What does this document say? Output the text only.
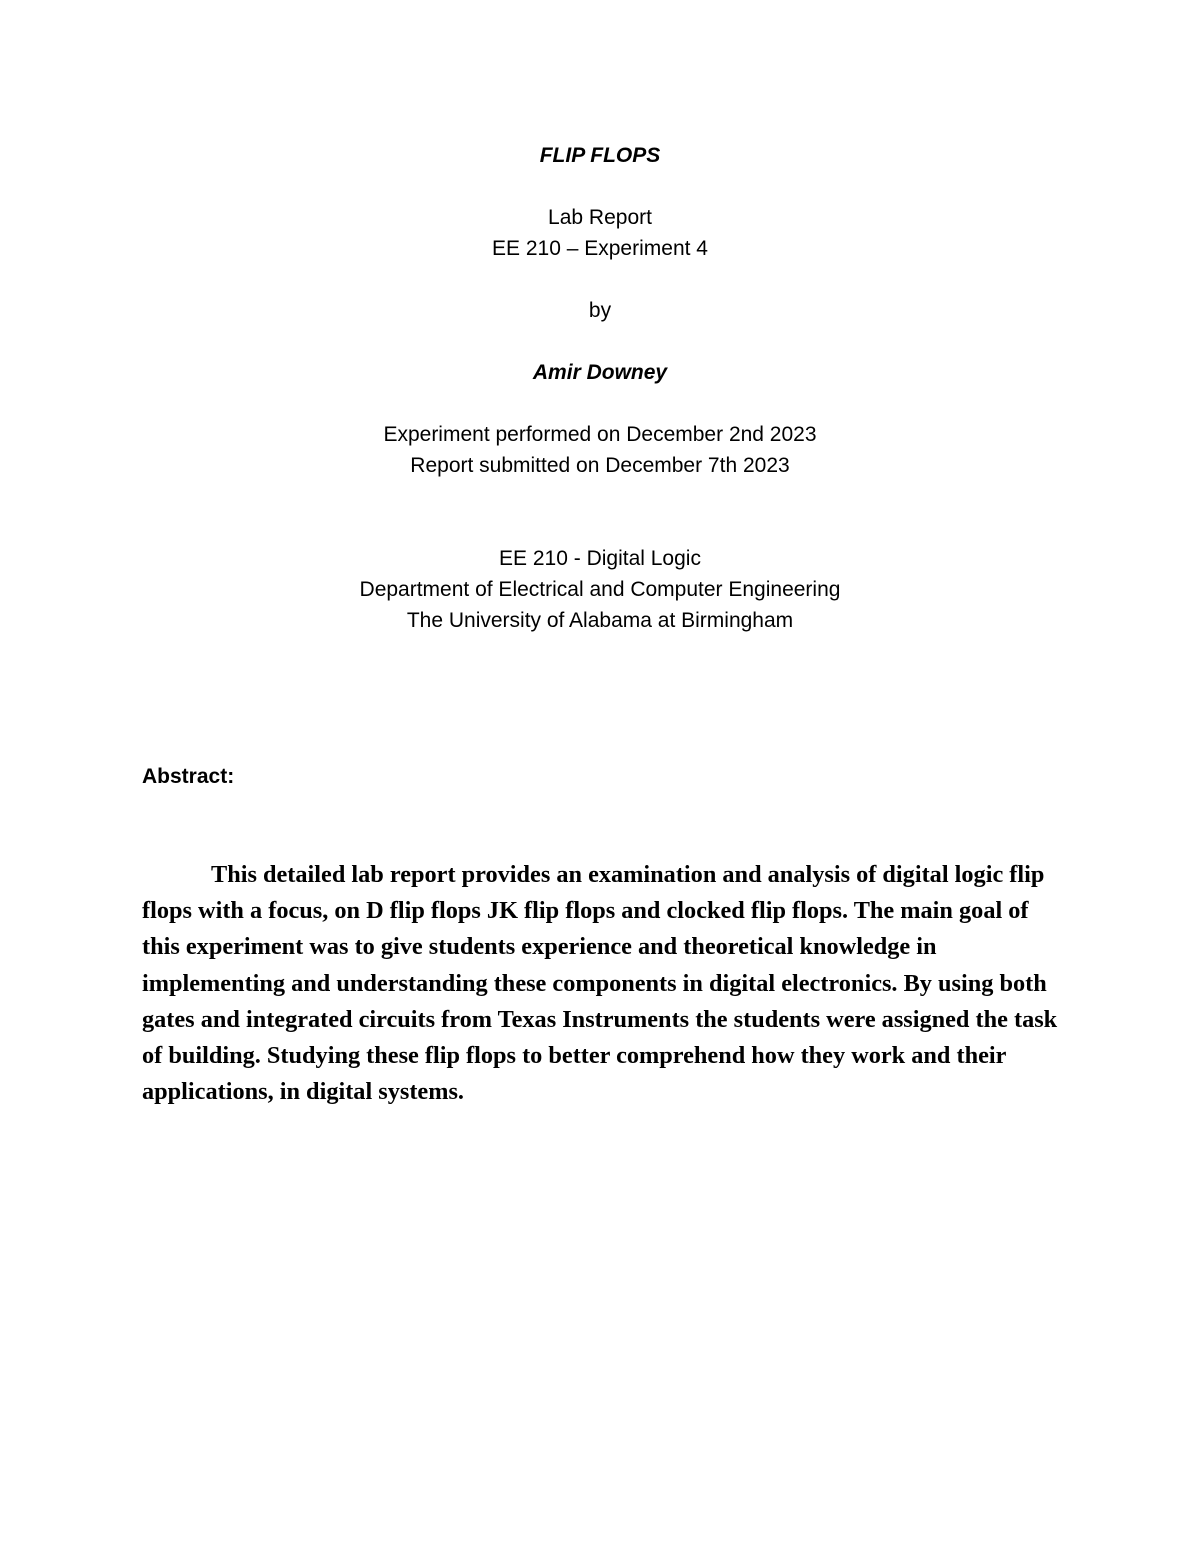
FLIP FLOPS

Lab Report

EE 210 – Experiment 4

by

Amir Downey

Experiment performed on December 2nd 2023

Report submitted on December 7th 2023

EE 210 - Digital Logic

Department of Electrical and Computer Engineering

The University of Alabama at Birmingham

Abstract:

This detailed lab report provides an examination and analysis of digital logic flip flops with a focus, on D flip flops JK flip flops and clocked flip flops. The main goal of this experiment was to give students experience and theoretical knowledge in implementing and understanding these components in digital electronics. By using both gates and integrated circuits from Texas Instruments the students were assigned the task of building. Studying these flip flops to better comprehend how they work and their applications, in digital systems.
